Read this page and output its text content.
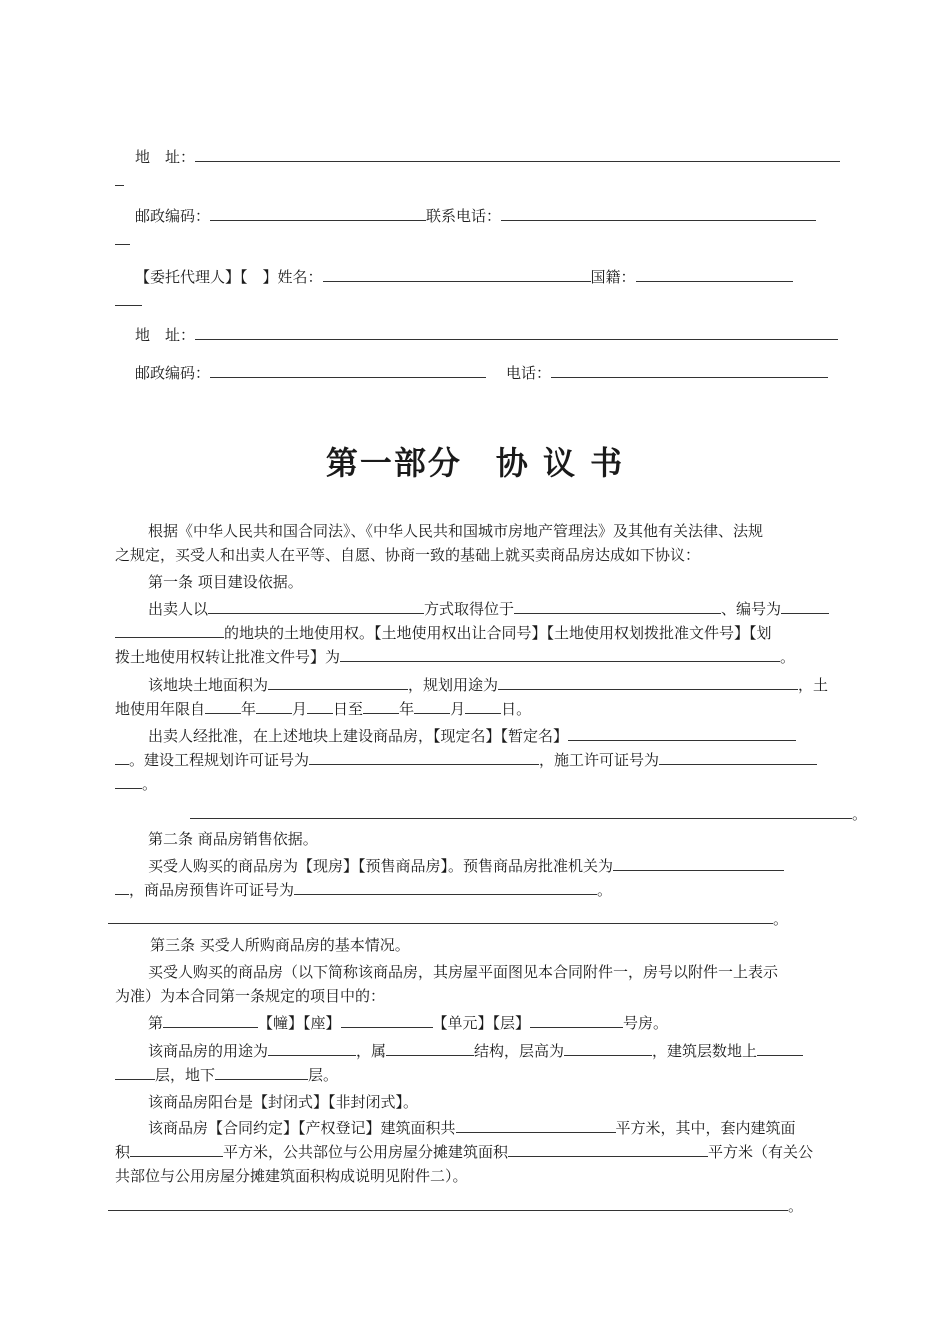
地　址：
邮政编码：	联系电话：
【委托代理人】【　】姓名：	国籍：
地　址：
邮政编码：	电话：
第一部分　协 议 书
根据《中华人民共和国合同法》、《中华人民共和国城市房地产管理法》及其他有关法律、法规
之规定，买受人和出卖人在平等、自愿、协商一致的基础上就买卖商品房达成如下协议：
第一条 项目建设依据。
出卖人以	方式取得位于	、编号为
的地块的土地使用权。【土地使用权出让合同号】【土地使用权划拨批准文件号】【划
拨土地使用权转让批准文件号】为	。
该地块土地面积为	，规划用途为	，土
地使用年限自 年 月 日至 年 月 日。
出卖人经批准，在上述地块上建设商品房，【现定名】【暂定名】
。建设工程规划许可证号为	，施工许可证号为
。
。
第二条 商品房销售依据。
买受人购买的商品房为【现房】【预售商品房】。预售商品房批准机关为
，商品房预售许可证号为	。
。
第三条 买受人所购商品房的基本情况。
买受人购买的商品房（以下简称该商品房，其房屋平面图见本合同附件一，房号以附件一上表示
为准）为本合同第一条规定的项目中的：
第	【幢】【座】	【单元】【层】	号房。
该商品房的用途为	，属	结构，层高为	，建筑层数地上
层，地下	层。
该商品房阳台是【封闭式】【非封闭式】。
该商品房【合同约定】【产权登记】建筑面积共	平方米，其中，套内建筑面
积	平方米，公共部位与公用房屋分摊建筑面积	平方米（有关公
共部位与公用房屋分摊建筑面积构成说明见附件二）。
。
